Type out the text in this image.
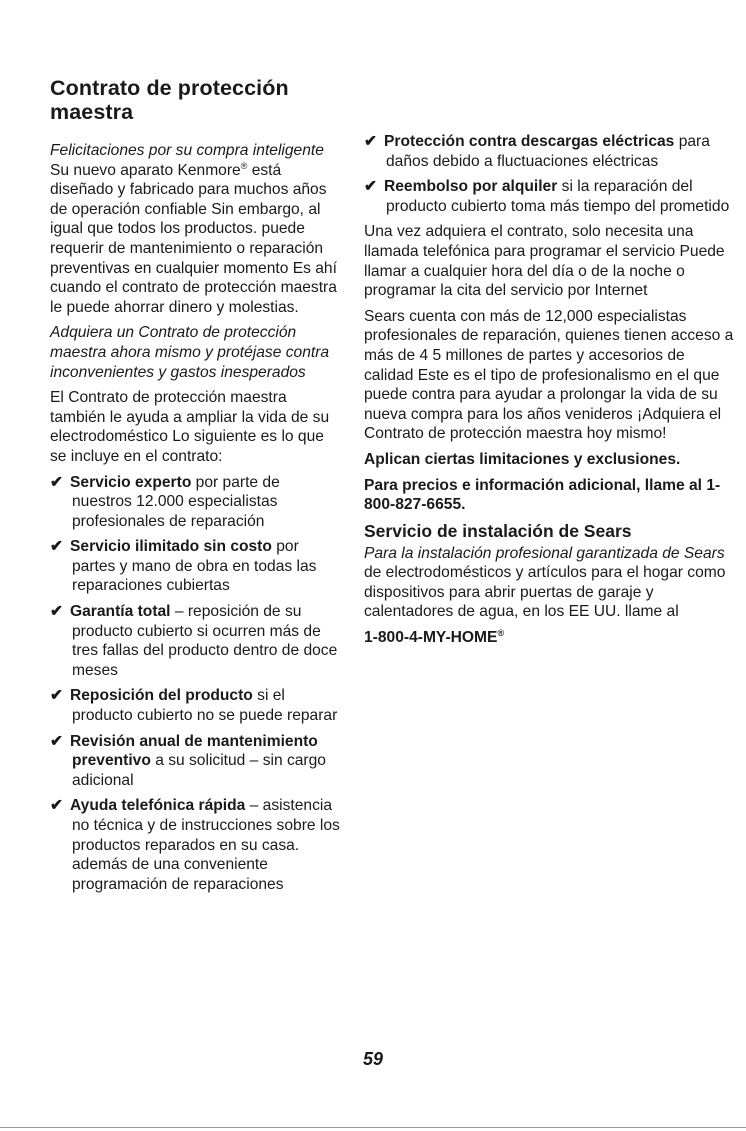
Contrato de protección maestra

Felicitaciones por su compra inteligente Su nuevo aparato Kenmore® está diseñado y fabricado para muchos años de operación confiable Sin embargo, al igual que todos los productos. puede requerir de mantenimiento o reparación preventivas en cualquier momento Es ahí cuando el contrato de protección maestra le puede ahorrar dinero y molestias.

Adquiera un Contrato de protección maestra ahora mismo y protéjase contra inconvenientes y gastos inesperados

El Contrato de protección maestra también le ayuda a ampliar la vida de su electrodoméstico Lo siguiente es lo que se incluye en el contrato:

✔ Servicio experto por parte de nuestros 12.000 especialistas profesionales de reparación
✔ Servicio ilimitado sin costo por partes y mano de obra en todas las reparaciones cubiertas
✔ Garantía total – reposición de su producto cubierto si ocurren más de tres fallas del producto dentro de doce meses
✔ Reposición del producto si el producto cubierto no se puede reparar
✔ Revisión anual de mantenimiento preventivo a su solicitud – sin cargo adicional
✔ Ayuda telefónica rápida – asistencia no técnica y de instrucciones sobre los productos reparados en su casa. además de una conveniente programación de reparaciones
✔ Protección contra descargas eléctricas para daños debido a fluctuaciones eléctricas
✔ Reembolso por alquiler si la reparación del producto cubierto toma más tiempo del prometido

Una vez adquiera el contrato, solo necesita una llamada telefónica para programar el servicio Puede llamar a cualquier hora del día o de la noche o programar la cita del servicio por Internet

Sears cuenta con más de 12,000 especialistas profesionales de reparación, quienes tienen acceso a más de 4 5 millones de partes y accesorios de calidad Este es el tipo de profesionalismo en el que puede contra para ayudar a prolongar la vida de su nueva compra para los años venideros ¡Adquiera el Contrato de protección maestra hoy mismo!

Aplican ciertas limitaciones y exclusiones.

Para precios e información adicional, llame al 1-800-827-6655.

Servicio de instalación de Sears

Para la instalación profesional garantizada de Sears de electrodomésticos y artículos para el hogar como dispositivos para abrir puertas de garaje y calentadores de agua, en los EE UU. llame al

1-800-4-MY-HOME®

59
